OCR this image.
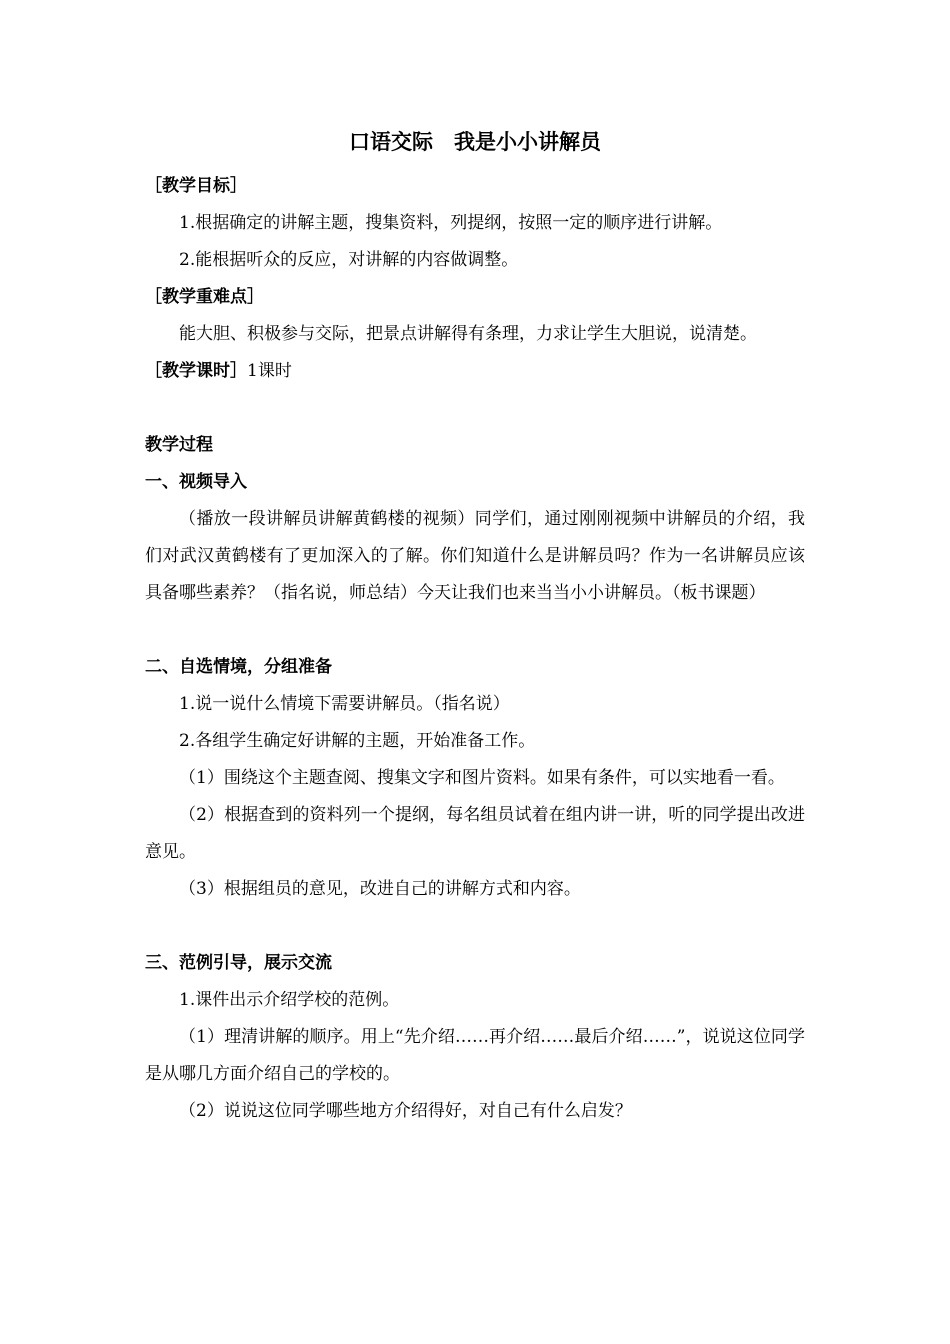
口语交际　我是小小讲解员

［教学目标］

1.根据确定的讲解主题，搜集资料，列提纲，按照一定的顺序进行讲解。

2.能根据听众的反应，对讲解的内容做调整。

［教学重难点］

能大胆、积极参与交际，把景点讲解得有条理，力求让学生大胆说，说清楚。

［教学课时］1课时

教学过程

一、视频导入

（播放一段讲解员讲解黄鹤楼的视频）同学们，通过刚刚视频中讲解员的介绍，我们对武汉黄鹤楼有了更加深入的了解。你们知道什么是讲解员吗？作为一名讲解员应该具备哪些素养？（指名说，师总结）今天让我们也来当当小小讲解员。（板书课题）

二、自选情境，分组准备

1.说一说什么情境下需要讲解员。（指名说）

2.各组学生确定好讲解的主题，开始准备工作。

（1）围绕这个主题查阅、搜集文字和图片资料。如果有条件，可以实地看一看。

（2）根据查到的资料列一个提纲，每名组员试着在组内讲一讲，听的同学提出改进意见。

（3）根据组员的意见，改进自己的讲解方式和内容。

三、范例引导，展示交流

1.课件出示介绍学校的范例。

（1）理清讲解的顺序。用上“先介绍……再介绍……最后介绍……”，说说这位同学是从哪几方面介绍自己的学校的。

（2）说说这位同学哪些地方介绍得好，对自己有什么启发？
